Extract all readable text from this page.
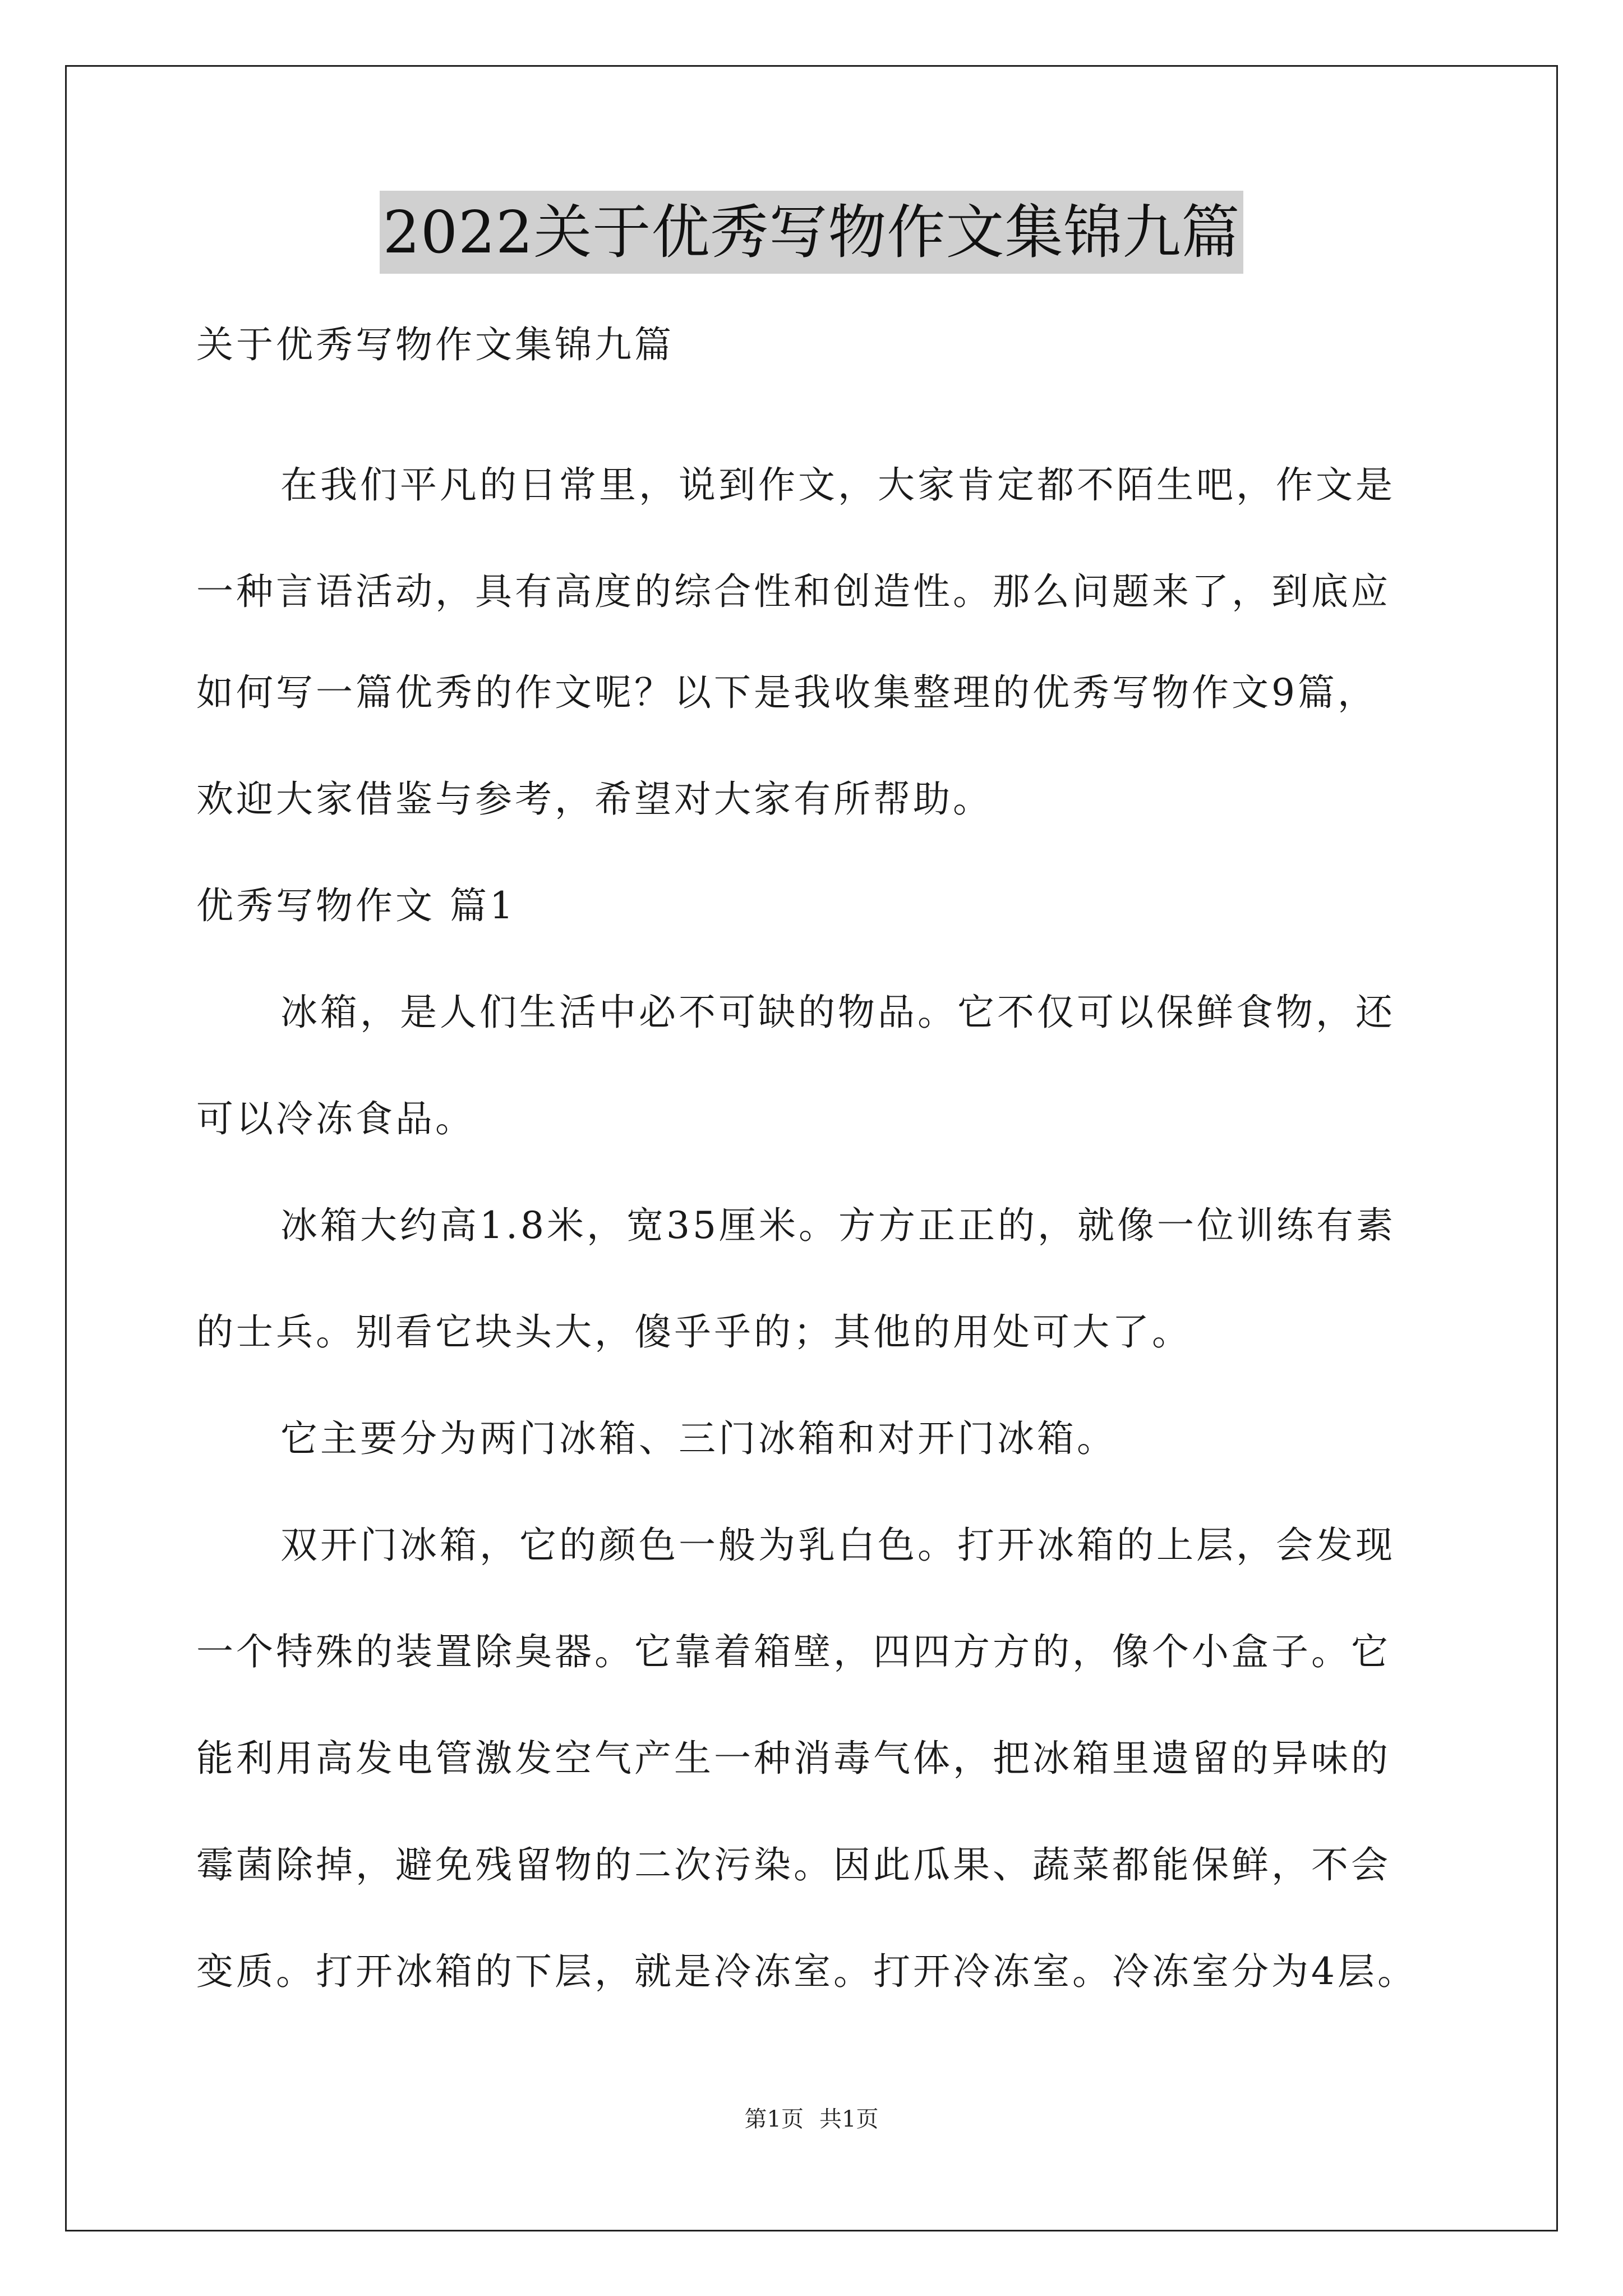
2022关于优秀写物作文集锦九篇
关于优秀写物作文集锦九篇
在我们平凡的日常里，说到作文，大家肯定都不陌生吧，作文是
一种言语活动，具有高度的综合性和创造性。那么问题来了，到底应
如何写一篇优秀的作文呢？以下是我收集整理的优秀写物作文9篇，
欢迎大家借鉴与参考，希望对大家有所帮助。
优秀写物作文 篇1
冰箱，是人们生活中必不可缺的物品。它不仅可以保鲜食物，还
可以冷冻食品。
冰箱大约高1.8米，宽35厘米。方方正正的，就像一位训练有素
的士兵。别看它块头大，傻乎乎的；其他的用处可大了。
它主要分为两门冰箱、三门冰箱和对开门冰箱。
双开门冰箱，它的颜色一般为乳白色。打开冰箱的上层，会发现
一个特殊的装置除臭器。它靠着箱壁，四四方方的，像个小盒子。它
能利用高发电管激发空气产生一种消毒气体，把冰箱里遗留的异味的
霉菌除掉，避免残留物的二次污染。因此瓜果、蔬菜都能保鲜，不会
变质。打开冰箱的下层，就是冷冻室。打开冷冻室。冷冻室分为4层。
第1页 共1页
